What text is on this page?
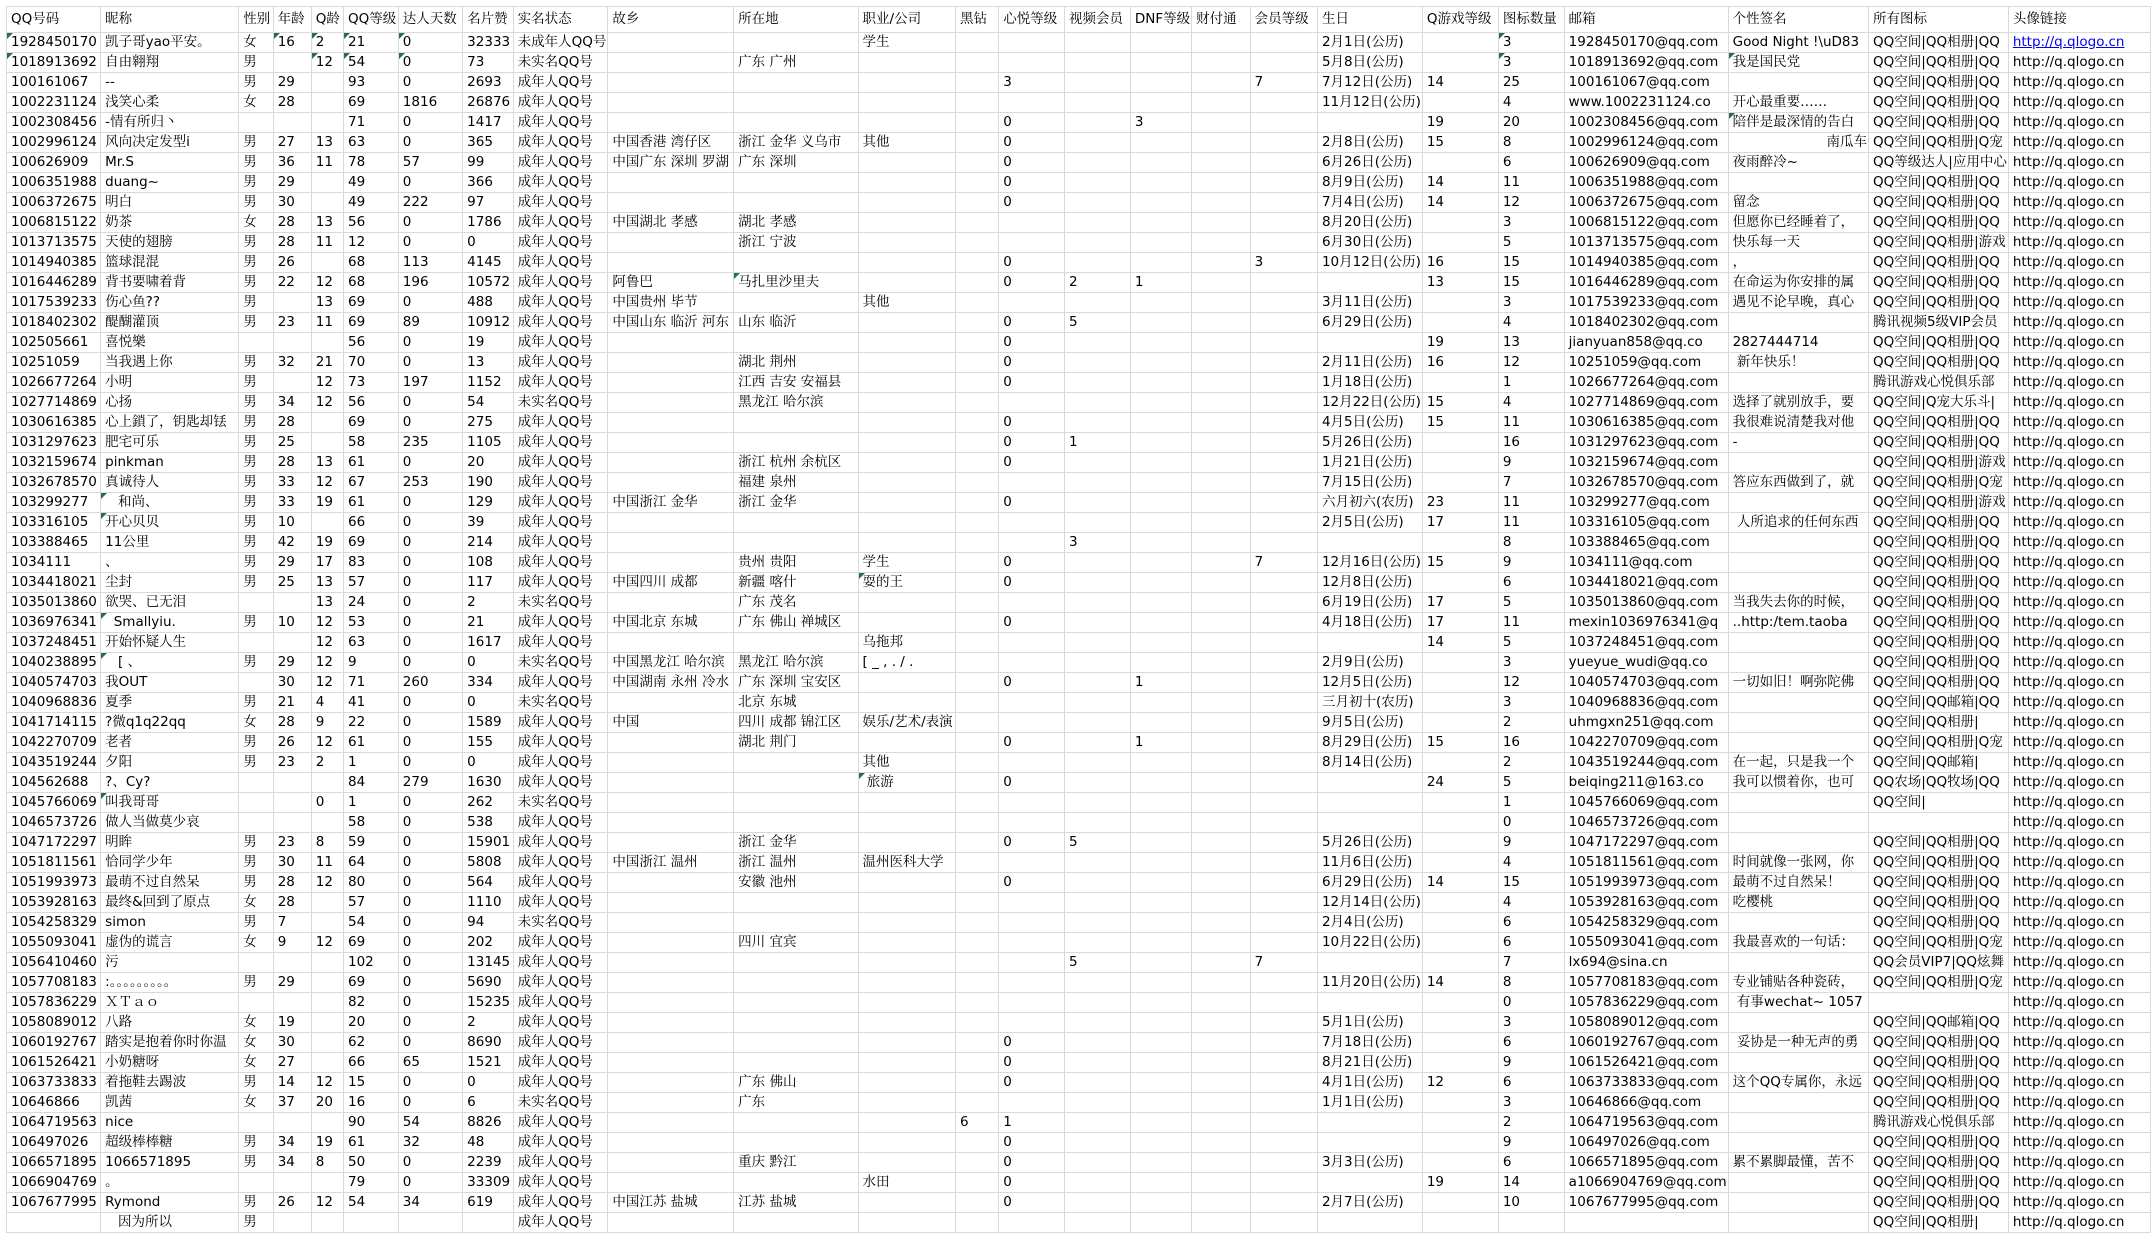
QQ号码	昵称	性别	年龄	Q龄	QQ等级	达人天数	名片赞	实名状态	故乡	所在地	职业/公司	黑钻	心悦等级	视频会员	DNF等级	财付通	会员等级	生日	Q游戏等级	图标数量	邮箱	个性签名	所有图标	头像链接

1928450170	凯子哥yao平安。	女	16	2	21	0	32333	未成年人QQ号			学生							2月1日(公历)		3	1928450170@qq.com	Good Night !\uD83	QQ空间|QQ相册|QQ	http://q.qlogo.cn

1018913692	自由翱翔	男		12	54	0	73	未实名QQ号		广东 广州								5月8日(公历)		3	1018913692@qq.com	我是国民党	QQ空间|QQ相册|QQ	http://q.qlogo.cn

100161067	--	男	29		93	0	2693	成年人QQ号					3				7	7月12日(公历)	14	25	100161067@qq.com		QQ空间|QQ相册|QQ	http://q.qlogo.cn

1002231124	浅笑心柔	女	28		69	1816	26876	成年人QQ号										11月12日(公历)		4	www.1002231124.co	开心最重要……	QQ空间|QQ相册|QQ	http://q.qlogo.cn

1002308456	-情有所归丶				71	0	1417	成年人QQ号					0		3				19	20	1002308456@qq.com	陪伴是最深情的告白	QQ空间|QQ相册|QQ	http://q.qlogo.cn

1002996124	风向决定发型i	男	27	13	63	0	365	成年人QQ号	中国香港 湾仔区	浙江 金华 义乌市	其他		0					2月8日(公历)	15	8	1002996124@qq.com	南瓜车	QQ空间|QQ相册|Q宠	http://q.qlogo.cn

100626909	Mr.S	男	36	11	78	57	99	成年人QQ号	中国广东 深圳 罗湖	广东 深圳			0					6月26日(公历)		6	100626909@qq.com	夜雨醉冷~	QQ等级达人|应用中心	http://q.qlogo.cn

1006351988	duang~	男	29		49	0	366	成年人QQ号					0					8月9日(公历)	14	11	1006351988@qq.com		QQ空间|QQ相册|QQ	http://q.qlogo.cn

1006372675	明白	男	30		49	222	97	成年人QQ号					0					7月4日(公历)	14	12	1006372675@qq.com	留念	QQ空间|QQ相册|QQ	http://q.qlogo.cn

1006815122	奶茶	女	28	13	56	0	1786	成年人QQ号	中国湖北 孝感	湖北 孝感								8月20日(公历)		3	1006815122@qq.com	但愿你已经睡着了，	QQ空间|QQ相册|QQ	http://q.qlogo.cn

1013713575	天使的翅膀	男	28	11	12	0	0	成年人QQ号		浙江 宁波								6月30日(公历)		5	1013713575@qq.com	快乐每一天	QQ空间|QQ相册|游戏	http://q.qlogo.cn

1014940385	篮球混混	男	26		68	113	4145	成年人QQ号					0				3	10月12日(公历)	16	15	1014940385@qq.com	，	QQ空间|QQ相册|QQ	http://q.qlogo.cn

1016446289	背书要啸着背	男	22	12	68	196	10572	成年人QQ号	阿鲁巴	马扎里沙里夫			0	2	1				13	15	1016446289@qq.com	在命运为你安排的属	QQ空间|QQ相册|QQ	http://q.qlogo.cn

1017539233	伤心鱼??	男		13	69	0	488	成年人QQ号	中国贵州 毕节		其他							3月11日(公历)		3	1017539233@qq.com	遇见不论早晚，真心	QQ空间|QQ相册|QQ	http://q.qlogo.cn

1018402302	醍醐灌顶	男	23	11	69	89	10912	成年人QQ号	中国山东 临沂 河东	山东 临沂			0	5				6月29日(公历)		4	1018402302@qq.com		腾讯视频5级VIP会员	http://q.qlogo.cn

102505661	喜悦樂				56	0	19	成年人QQ号					0						19	13	jianyuan858@qq.co	2827444714	QQ空间|QQ相册|QQ	http://q.qlogo.cn

10251059	当我遇上你	男	32	21	70	0	13	成年人QQ号		湖北 荆州			0					2月11日(公历)	16	12	10251059@qq.com	新年快乐！	QQ空间|QQ相册|QQ	http://q.qlogo.cn

1026677264	小明	男		12	73	197	1152	成年人QQ号		江西 吉安 安福县			0					1月18日(公历)		1	1026677264@qq.com		腾讯游戏心悦俱乐部	http://q.qlogo.cn

1027714869	心扬	男	34	12	56	0	54	未实名QQ号		黑龙江 哈尔滨								12月22日(公历)	15	4	1027714869@qq.com	选择了就别放手，要	QQ空间|Q宠大乐斗|	http://q.qlogo.cn

1030616385	心上鎖了，钥匙却铥	男	28		69	0	275	成年人QQ号					0					4月5日(公历)	15	11	1030616385@qq.com	我很难说清楚我对他	QQ空间|QQ相册|QQ	http://q.qlogo.cn

1031297623	肥宅可乐	男	25		58	235	1105	成年人QQ号					0	1				5月26日(公历)		16	1031297623@qq.com	-	QQ空间|QQ相册|QQ	http://q.qlogo.cn

1032159674	pinkman	男	28	13	61	0	20	成年人QQ号		浙江 杭州 余杭区			0					1月21日(公历)		9	1032159674@qq.com		QQ空间|QQ相册|游戏	http://q.qlogo.cn

1032678570	真诚待人	男	33	12	67	253	190	成年人QQ号		福建 泉州								7月15日(公历)		7	1032678570@qq.com	答应东西做到了，就	QQ空间|QQ相册|Q宠	http://q.qlogo.cn

103299277	和尚、	男	33	19	61	0	129	成年人QQ号	中国浙江 金华	浙江 金华			0					六月初六(农历)	23	11	103299277@qq.com		QQ空间|QQ相册|游戏	http://q.qlogo.cn

103316105	开心贝贝	男	10		66	0	39	成年人QQ号										2月5日(公历)	17	11	103316105@qq.com	人所追求的任何东西	QQ空间|QQ相册|QQ	http://q.qlogo.cn

103388465	11公里	男	42	19	69	0	214	成年人QQ号						3						8	103388465@qq.com		QQ空间|QQ相册|QQ	http://q.qlogo.cn

1034111	、	男	29	17	83	0	108	成年人QQ号		贵州 贵阳	学生		0				7	12月16日(公历)	15	9	1034111@qq.com		QQ空间|QQ相册|QQ	http://q.qlogo.cn

1034418021	尘封	男	25	13	57	0	117	成年人QQ号	中国四川 成都	新疆 喀什	耍的王		0					12月8日(公历)		6	1034418021@qq.com		QQ空间|QQ相册|QQ	http://q.qlogo.cn

1035013860	欲哭、已无泪			13	24	0	2	未实名QQ号		广东 茂名								6月19日(公历)	17	5	1035013860@qq.com	当我失去你的时候，	QQ空间|QQ相册|QQ	http://q.qlogo.cn

1036976341	Smallyiu.	男	10	12	53	0	21	成年人QQ号	中国北京 东城	广东 佛山 禅城区			0					4月18日(公历)	17	11	mexin1036976341@q	..http:/tem.taoba	QQ空间|QQ相册|QQ	http://q.qlogo.cn

1037248451	开始怀疑人生			12	63	0	1617	成年人QQ号			乌拖邦								14	5	1037248451@qq.com		QQ空间|QQ相册|QQ	http://q.qlogo.cn

1040238895	[ 、	男	29	12	9	0	0	未实名QQ号	中国黑龙江 哈尔滨	黑龙江 哈尔滨	[ _ , . / .							2月9日(公历)		3	yueyue_wudi@qq.co		QQ空间|QQ相册|QQ	http://q.qlogo.cn

1040574703	我OUT		30	12	71	260	334	成年人QQ号	中国湖南 永州 冷水	广东 深圳 宝安区			0		1			12月5日(公历)		12	1040574703@qq.com	一切如旧！啊弥陀佛	QQ空间|QQ相册|QQ	http://q.qlogo.cn

1040968836	夏季	男	21	4	41	0	0	未实名QQ号		北京 东城								三月初十(农历)		3	1040968836@qq.com		QQ空间|QQ邮箱|QQ	http://q.qlogo.cn

1041714115	?微q1q22qq	女	28	9	22	0	1589	成年人QQ号	中国	四川 成都 锦江区	娱乐/艺术/表演							9月5日(公历)		2	uhmgxn251@qq.com		QQ空间|QQ相册|	http://q.qlogo.cn

1042270709	老者	男	26	12	61	0	155	成年人QQ号		湖北 荆门			0		1			8月29日(公历)	15	16	1042270709@qq.com		QQ空间|QQ相册|Q宠	http://q.qlogo.cn

1043519244	夕阳	男	23	2	1	0	0	成年人QQ号			其他							8月14日(公历)		2	1043519244@qq.com	在一起，只是我一个	QQ空间|QQ邮箱|	http://q.qlogo.cn

104562688	?、Cy?				84	279	1630	成年人QQ号			旅游		0						24	5	beiqing211@163.co	我可以惯着你，也可	QQ农场|QQ牧场|QQ	http://q.qlogo.cn

1045766069	叫我哥哥			0	1	0	262	未实名QQ号												1	1045766069@qq.com		QQ空间|	http://q.qlogo.cn

1046573726	做人当做莫少哀				58	0	538	成年人QQ号												0	1046573726@qq.com			http://q.qlogo.cn

1047172297	明眸	男	23	8	59	0	15901	成年人QQ号		浙江 金华			0	5				5月26日(公历)		9	1047172297@qq.com		QQ空间|QQ相册|QQ	http://q.qlogo.cn

1051811561	恰同学少年	男	30	11	64	0	5808	成年人QQ号	中国浙江 温州	浙江 温州	温州医科大学							11月6日(公历)		4	1051811561@qq.com	时间就像一张网，你	QQ空间|QQ相册|QQ	http://q.qlogo.cn

1051993973	最萌不过自然呆	男	28	12	80	0	564	成年人QQ号		安徽 池州			0					6月29日(公历)	14	15	1051993973@qq.com	最萌不过自然呆！	QQ空间|QQ相册|QQ	http://q.qlogo.cn

1053928163	最终&回到了原点	女	28		57	0	1110	成年人QQ号										12月14日(公历)		4	1053928163@qq.com	吃樱桃	QQ空间|QQ相册|QQ	http://q.qlogo.cn

1054258329	simon	男	7		54	0	94	未实名QQ号										2月4日(公历)		6	1054258329@qq.com		QQ空间|QQ相册|QQ	http://q.qlogo.cn

1055093041	虚伪的谎言	女	9	12	69	0	202	成年人QQ号		四川 宜宾								10月22日(公历)		6	1055093041@qq.com	我最喜欢的一句话：	QQ空间|QQ相册|Q宠	http://q.qlogo.cn

1056410460	污				102	0	13145	成年人QQ号						5			7			7	lx694@sina.cn		QQ会员VIP7|QQ炫舞	http://q.qlogo.cn

1057708183	:。。。。。。。。。	男	29		69	0	5690	成年人QQ号										11月20日(公历)	14	8	1057708183@qq.com	专业铺贴各种瓷砖，	QQ空间|QQ相册|Q宠	http://q.qlogo.cn

1057836229	ＸＴａｏ				82	0	15235	成年人QQ号												0	1057836229@qq.com	有事wechat~ 1057		http://q.qlogo.cn

1058089012	八路	女	19		20	0	2	成年人QQ号										5月1日(公历)		3	1058089012@qq.com		QQ空间|QQ邮箱|QQ	http://q.qlogo.cn

1060192767	踏实是抱着你时你温	女	30		62	0	8690	成年人QQ号					0					7月18日(公历)		6	1060192767@qq.com	妥协是一种无声的勇	QQ空间|QQ相册|QQ	http://q.qlogo.cn

1061526421	小奶糖呀	女	27		66	65	1521	成年人QQ号					0					8月21日(公历)		9	1061526421@qq.com		QQ空间|QQ相册|QQ	http://q.qlogo.cn

1063733833	着拖鞋去踢波	男	14	12	15	0	0	成年人QQ号		广东 佛山			0					4月1日(公历)	12	6	1063733833@qq.com	这个QQ专属你，永远	QQ空间|QQ相册|QQ	http://q.qlogo.cn

10646866	凯茜	女	37	20	16	0	6	未实名QQ号		广东								1月1日(公历)		3	10646866@qq.com		QQ空间|QQ相册|QQ	http://q.qlogo.cn

1064719563	nice				90	54	8826	成年人QQ号				6	1							2	1064719563@qq.com		腾讯游戏心悦俱乐部	http://q.qlogo.cn

106497026	超级棒棒糖	男	34	19	61	32	48	成年人QQ号					0							9	106497026@qq.com		QQ空间|QQ相册|QQ	http://q.qlogo.cn

1066571895	1066571895	男	34	8	50	0	2239	成年人QQ号		重庆 黔江			0					3月3日(公历)		6	1066571895@qq.com	累不累脚最懂，苦不	QQ空间|QQ相册|QQ	http://q.qlogo.cn

1066904769	。				79	0	33309	成年人QQ号			水田		0						19	14	a1066904769@qq.com		QQ空间|QQ相册|QQ	http://q.qlogo.cn

1067677995	Rymond	男	26	12	54	34	619	成年人QQ号	中国江苏 盐城	江苏 盐城			0					2月7日(公历)		10	1067677995@qq.com		QQ空间|QQ相册|QQ	http://q.qlogo.cn

	因为所以	男						成年人QQ号															QQ空间|QQ相册|	http://q.qlogo.cn
